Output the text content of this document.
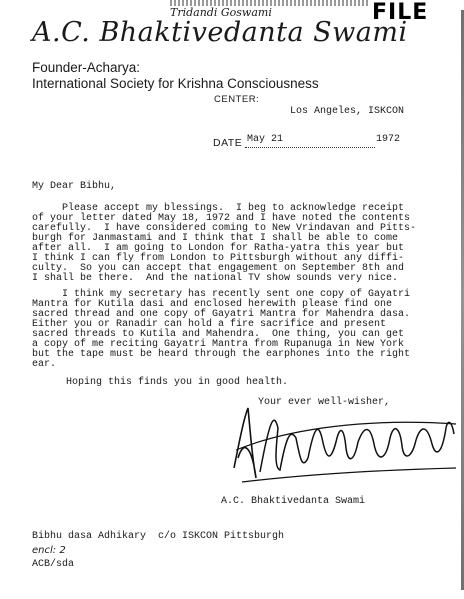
FILE
Tridandi Goswami
A.C. Bhaktivedanta Swami
Founder-Acharya:
International Society for Krishna Consciousness
CENTER:
Los Angeles, ISKCON
DATE May 21	1972
My Dear Bibhu,
Please accept my blessings.  I beg to acknowledge receipt
of your letter dated May 18, 1972 and I have noted the contents
carefully.  I have considered coming to New Vrindavan and Pitts-
burgh for Janmastami and I think that I shall be able to come
after all.  I am going to London for Ratha-yatra this year but
I think I can fly from London to Pittsburgh without any diffi-
culty.  So you can accept that engagement on September 8th and
I shall be there.  And the national TV show sounds very nice.
I think my secretary has recently sent one copy of Gayatri
Mantra for Kutila dasi and enclosed herewith please find one
sacred thread and one copy of Gayatri Mantra for Mahendra dasa.
Either you or Ranadir can hold a fire sacrifice and present
sacred threads to Kutila and Mahendra.  One thing, you can get
a copy of me reciting Gayatri Mantra from Rupanuga in New York
but the tape must be heard through the earphones into the right
ear.
Hoping this finds you in good health.
Your ever well-wisher,
A.C. Bhaktivedanta Swami
Bibhu dasa Adhikary  c/o ISKCON Pittsburgh
encl: 2
ACB/sda
